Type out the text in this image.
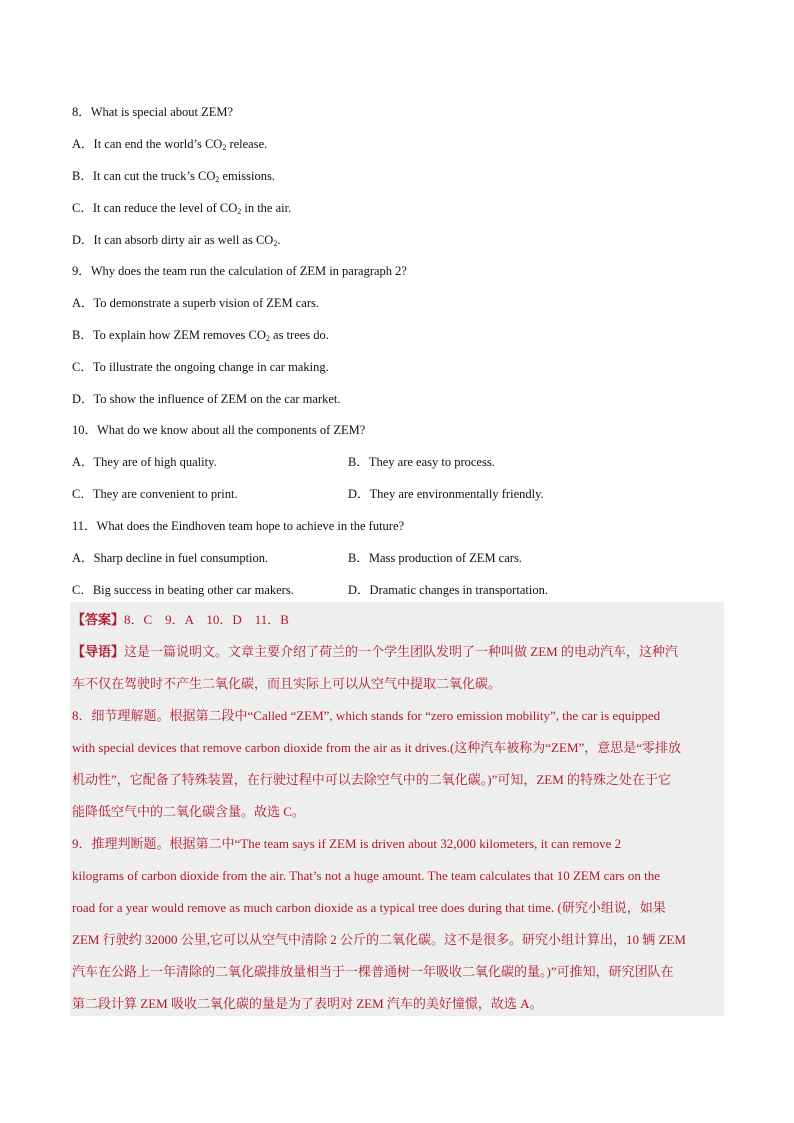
8．What is special about ZEM?
A．It can end the world’s $CO_2$ release.
B．It can cut the truck’s $CO_2$ emissions.
C．It can reduce the level of $CO_2$ in the air.
D．It can absorb dirty air as well as $CO_2$.
9．Why does the team run the calculation of ZEM in paragraph 2?
A．To demonstrate a superb vision of ZEM cars.
B．To explain how ZEM removes $CO_2$ as trees do.
C．To illustrate the ongoing change in car making.
D．To show the influence of ZEM on the car market.
10．What do we know about all the components of ZEM?
A．They are of high quality.	B．They are easy to process.
C．They are convenient to print.	D．They are environmentally friendly.
11．What does the Eindhoven team hope to achieve in the future?
A．Sharp decline in fuel consumption.	B．Mass production of ZEM cars.
C．Big success in beating other car makers.	D．Dramatic changes in transportation.
【答案】8．C　9．A　10．D　11．B
【导语】这是一篇说明文。文章主要介绍了荷兰的一个学生团队发明了一种叫做 ZEM 的电动汽车，这种汽
车不仅在驾驶时不产生二氧化碳，而且实际上可以从空气中提取二氧化碳。
8．细节理解题。根据第二段中“Called “ZEM”, which stands for “zero emission mobility”, the car is equipped
with special devices that remove carbon dioxide from the air as it drives.(这种汽车被称为“ZEM”，意思是“零排放
机动性”，它配备了特殊装置，在行驶过程中可以去除空气中的二氧化碳。)”可知，ZEM 的特殊之处在于它
能降低空气中的二氧化碳含量。故选 C。
9．推理判断题。根据第二中“The team says if ZEM is driven about 32,000 kilometers, it can remove 2
kilograms of carbon dioxide from the air. That’s not a huge amount. The team calculates that 10 ZEM cars on the
road for a year would remove as much carbon dioxide as a typical tree does during that time. (研究小组说，如果
ZEM 行驶约 32000 公里,它可以从空气中清除 2 公斤的二氧化碳。这不是很多。研究小组计算出，10 辆 ZEM
汽车在公路上一年清除的二氧化碳排放量相当于一棵普通树一年吸收二氧化碳的量。)”可推知，研究团队在
第二段计算 ZEM 吸收二氧化碳的量是为了表明对 ZEM 汽车的美好憧憬，故选 A。
